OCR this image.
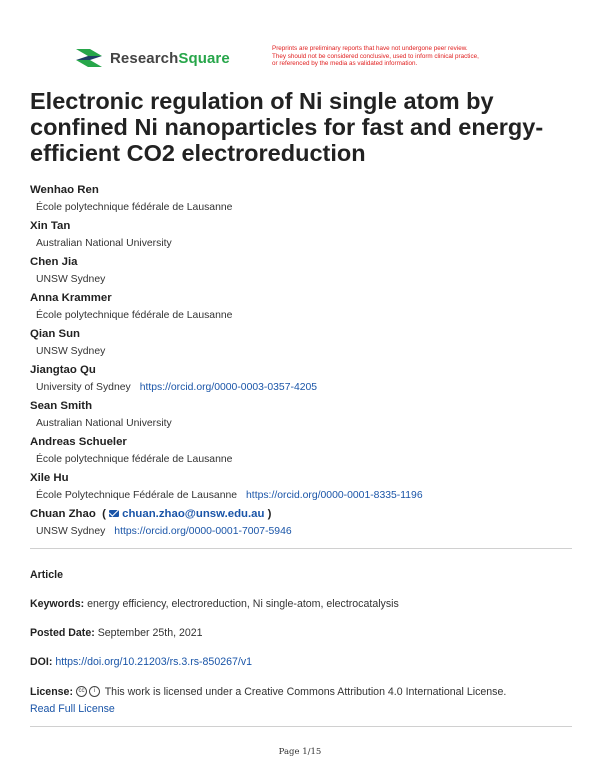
ResearchSquare
Preprints are preliminary reports that have not undergone peer review.
They should not be considered conclusive, used to inform clinical practice,
or referenced by the media as validated information.
Electronic regulation of Ni single atom by confined Ni nanoparticles for fast and energy-efficient CO2 electroreduction
Wenhao Ren
École polytechnique fédérale de Lausanne
Xin Tan
Australian National University
Chen Jia
UNSW Sydney
Anna Krammer
École polytechnique fédérale de Lausanne
Qian Sun
UNSW Sydney
Jiangtao Qu
University of Sydney https://orcid.org/0000-0003-0357-4205
Sean Smith
Australian National University
Andreas Schueler
École polytechnique fédérale de Lausanne
Xile Hu
École Polytechnique Fédérale de Lausanne https://orcid.org/0000-0001-8335-1196
Chuan Zhao  ( chuan.zhao@unsw.edu.au )
UNSW Sydney https://orcid.org/0000-0001-7007-5946
Article
Keywords: energy efficiency, electroreduction, Ni single-atom, electrocatalysis
Posted Date: September 25th, 2021
DOI: https://doi.org/10.21203/rs.3.rs-850267/v1
License: cc i This work is licensed under a Creative Commons Attribution 4.0 International License.
Read Full License
Page 1/15
